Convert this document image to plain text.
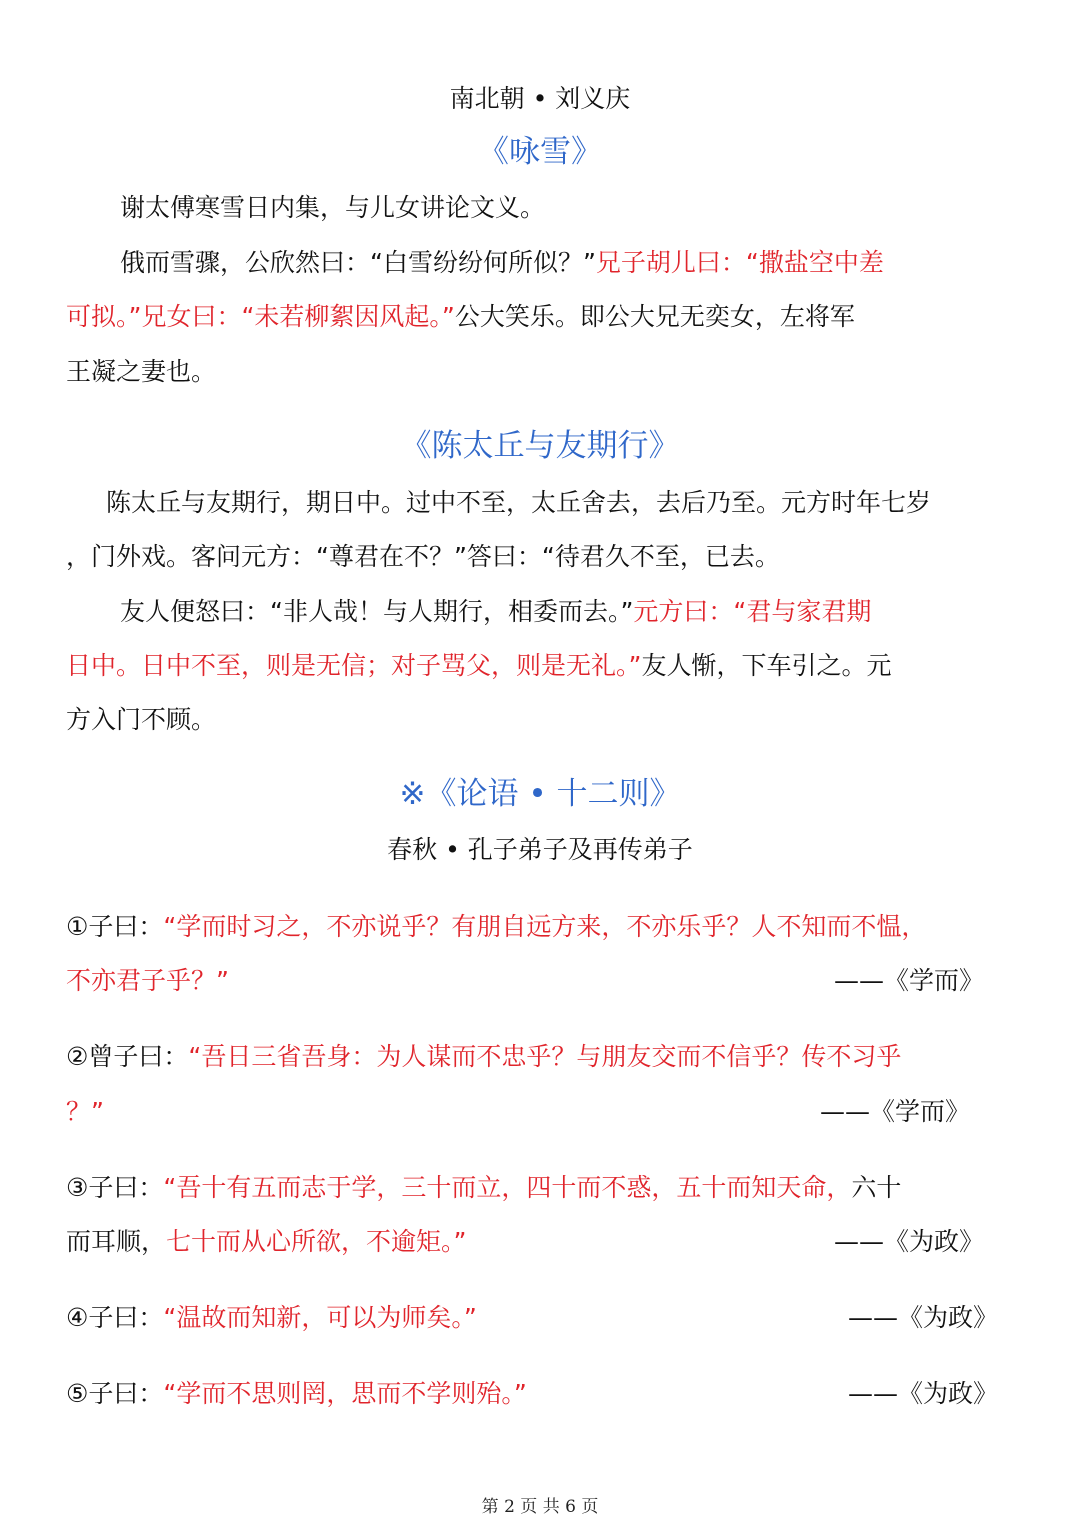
南北朝 • 刘义庆
《咏雪》
谢太傅寒雪日内集，与儿女讲论文义。
俄而雪骤，公欣然曰：“白雪纷纷何所似？”兄子胡儿曰：“撒盐空中差
可拟。”兄女曰：“未若柳絮因风起。”公大笑乐。即公大兄无奕女，左将军
王凝之妻也。
《陈太丘与友期行》
陈太丘与友期行，期日中。过中不至，太丘舍去，去后乃至。元方时年七岁
，门外戏。客问元方：“尊君在不？”答曰：“待君久不至，已去。
友人便怒曰：“非人哉！与人期行，相委而去。”元方曰：“君与家君期
日中。日中不至，则是无信；对子骂父，则是无礼。”友人惭，下车引之。元
方入门不顾。
※《论语 • 十二则》
春秋 • 孔子弟子及再传弟子
①子曰：“学而时习之，不亦说乎？有朋自远方来，不亦乐乎？人不知而不愠，
不亦君子乎？”	——《学而》
②曾子曰：“吾日三省吾身：为人谋而不忠乎？与朋友交而不信乎？传不习乎
？”	——《学而》
③子曰：“吾十有五而志于学，三十而立，四十而不惑，五十而知天命，六十
而耳顺，七十而从心所欲，不逾矩。”	——《为政》
④子曰：“温故而知新，可以为师矣。”	——《为政》
⑤子曰：“学而不思则罔，思而不学则殆。”	——《为政》
第 2 页 共 6 页
